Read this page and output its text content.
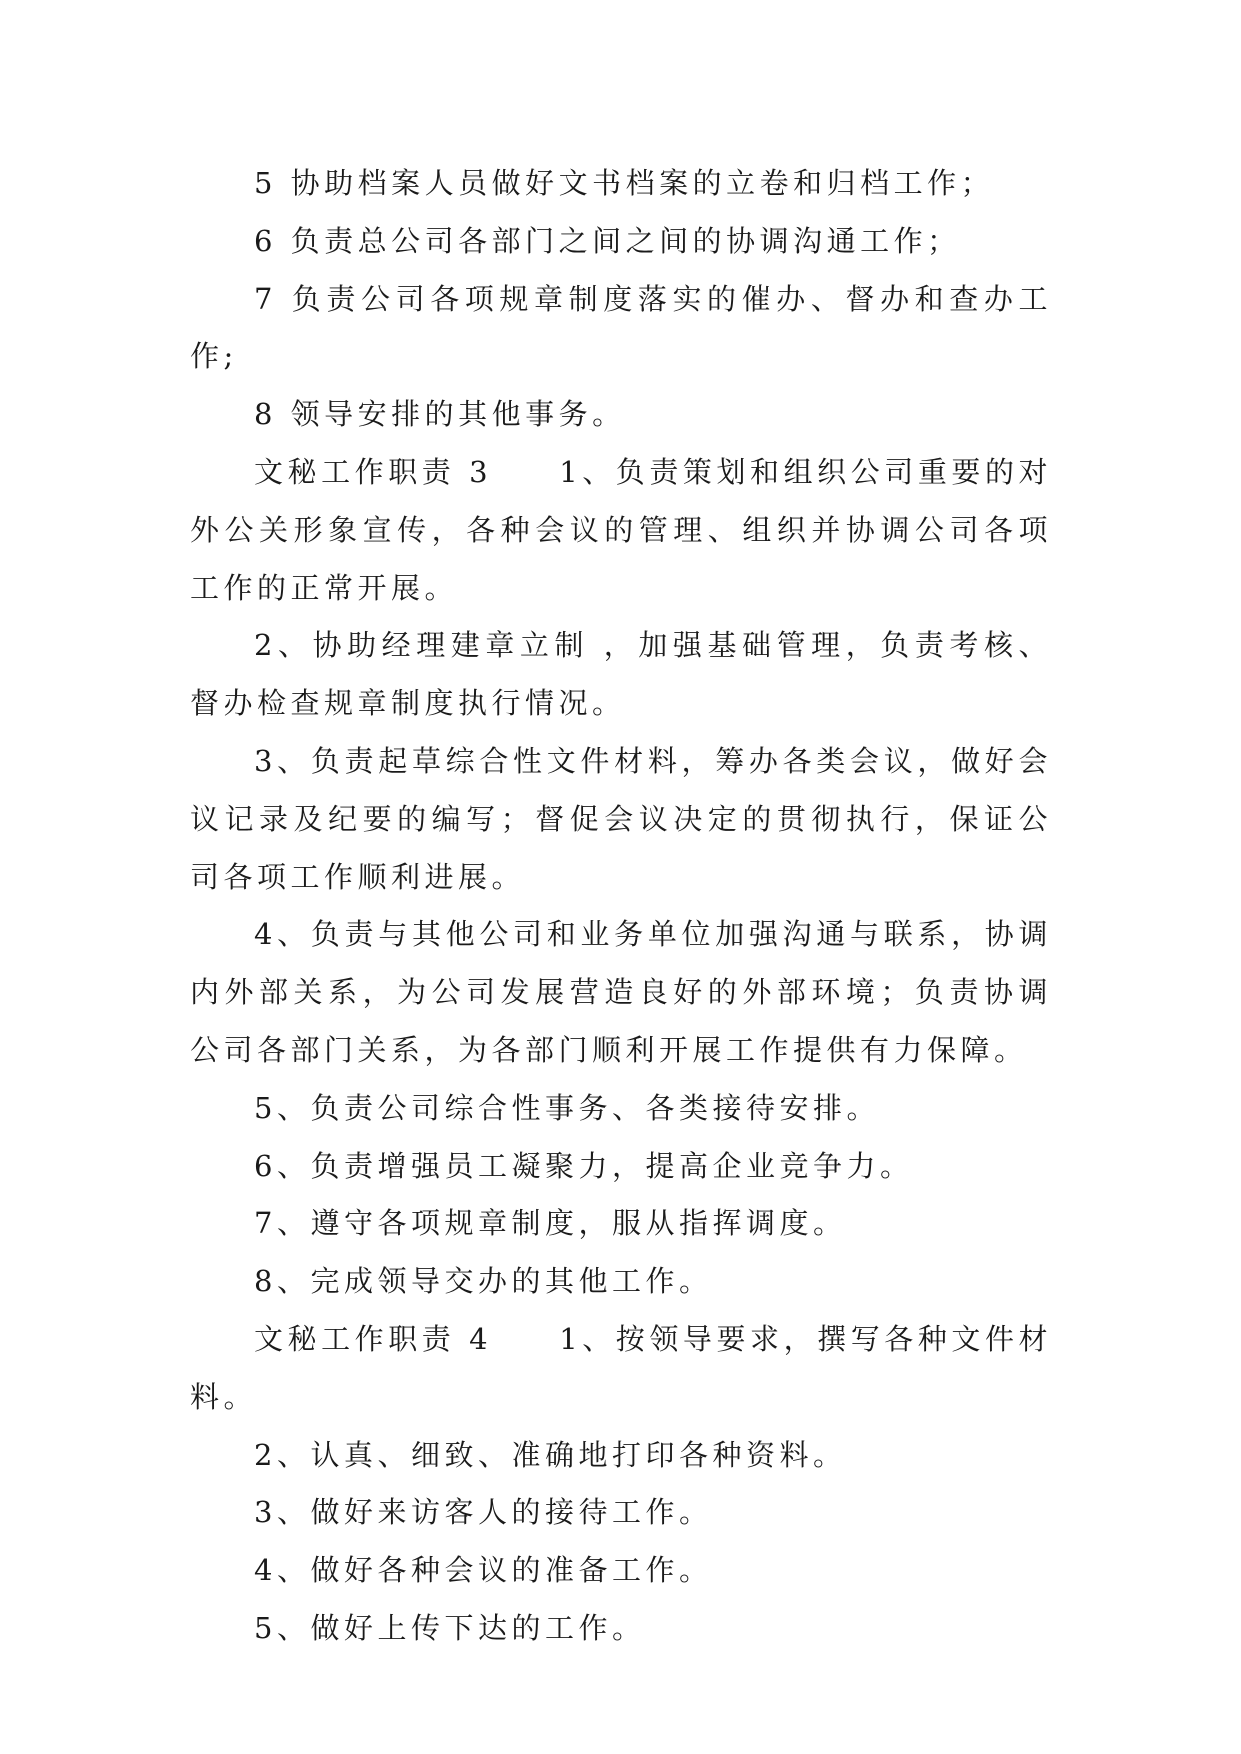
5 协助档案人员做好文书档案的立卷和归档工作；

6 负责总公司各部门之间之间的协调沟通工作；

7 负责公司各项规章制度落实的催办、督办和查办工作;

8 领导安排的其他事务。

文秘工作职责 3　　1、负责策划和组织公司重要的对外公关形象宣传，各种会议的管理、组织并协调公司各项工作的正常开展。

2、协助经理建章立制 ，加强基础管理，负责考核、督办检查规章制度执行情况。

3、负责起草综合性文件材料，筹办各类会议，做好会议记录及纪要的编写；督促会议决定的贯彻执行，保证公司各项工作顺利进展。

4、负责与其他公司和业务单位加强沟通与联系，协调内外部关系，为公司发展营造良好的外部环境；负责协调公司各部门关系，为各部门顺利开展工作提供有力保障。

5、负责公司综合性事务、各类接待安排。

6、负责增强员工凝聚力，提高企业竞争力。

7、遵守各项规章制度，服从指挥调度。

8、完成领导交办的其他工作。

文秘工作职责 4　　1、按领导要求，撰写各种文件材料。

2、认真、细致、准确地打印各种资料。

3、做好来访客人的接待工作。

4、做好各种会议的准备工作。

5、做好上传下达的工作。
